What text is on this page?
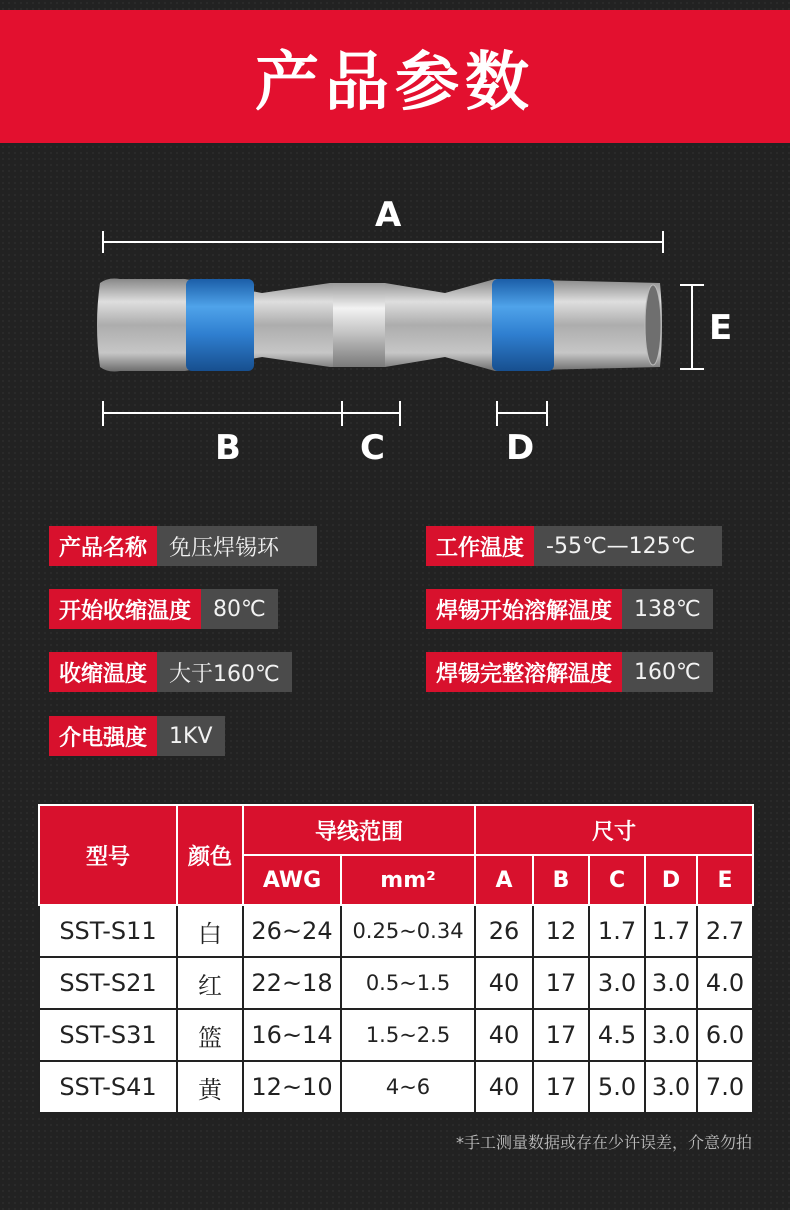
产品参数
A
E
B	C	D
产品名称	免压焊锡环	工作温度	-55℃—125℃
开始收缩温度	80℃	焊锡开始溶解温度	138℃
收缩温度	大于160℃	焊锡完整溶解温度	160℃
介电强度	1KV
型号	颜色	导线范围		尺寸				
		AWG	mm²	A	B	C	D	E
SST-S11	白	26~24	0.25~0.34	26	12	1.7	1.7	2.7
SST-S21	红	22~18	0.5~1.5	40	17	3.0	3.0	4.0
SST-S31	篮	16~14	1.5~2.5	40	17	4.5	3.0	6.0
SST-S41	黄	12~10	4~6	40	17	5.0	3.0	7.0
*手工测量数据或存在少许误差，介意勿拍
